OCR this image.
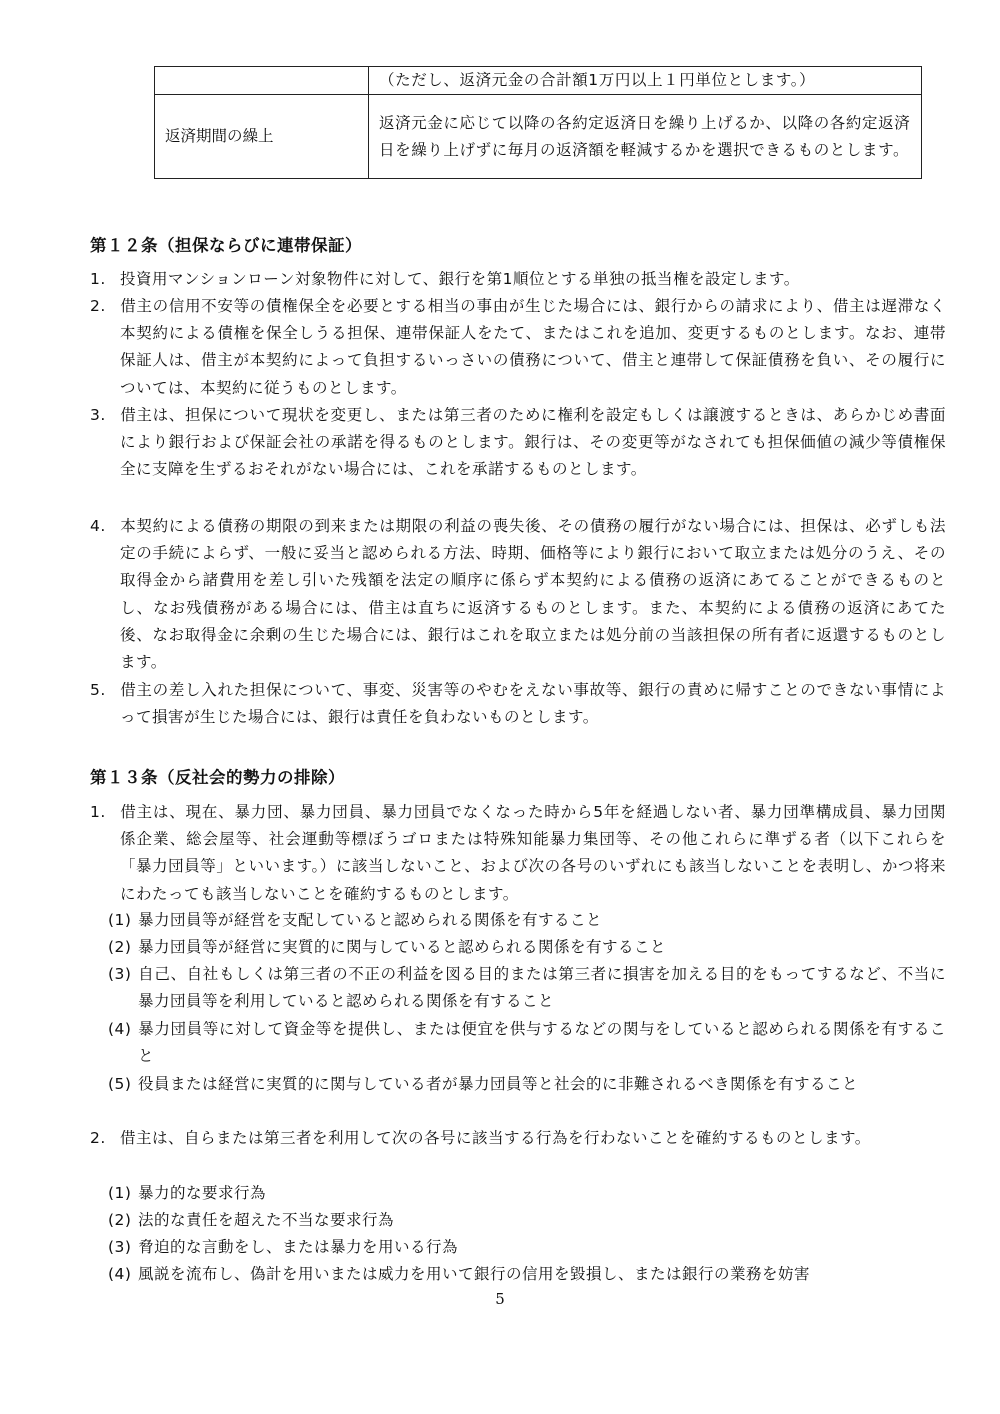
	（ただし、返済元金の合計額1万円以上１円単位とします。）
返済期間の繰上	返済元金に応じて以降の各約定返済日を繰り上げるか、以降の各約定返済日を繰り上げずに毎月の返済額を軽減するかを選択できるものとします。

第１２条（担保ならびに連帯保証）

1. 投資用マンションローン対象物件に対して、銀行を第1順位とする単独の抵当権を設定します。

2. 借主の信用不安等の債権保全を必要とする相当の事由が生じた場合には、銀行からの請求により、借主は遅滞なく本契約による債権を保全しうる担保、連帯保証人をたて、またはこれを追加、変更するものとします。なお、連帯保証人は、借主が本契約によって負担するいっさいの債務について、借主と連帯して保証債務を負い、その履行については、本契約に従うものとします。

3. 借主は、担保について現状を変更し、または第三者のために権利を設定もしくは譲渡するときは、あらかじめ書面により銀行および保証会社の承諾を得るものとします。銀行は、その変更等がなされても担保価値の減少等債権保全に支障を生ずるおそれがない場合には、これを承諾するものとします。

4. 本契約による債務の期限の到来または期限の利益の喪失後、その債務の履行がない場合には、担保は、必ずしも法定の手続によらず、一般に妥当と認められる方法、時期、価格等により銀行において取立または処分のうえ、その取得金から諸費用を差し引いた残額を法定の順序に係らず本契約による債務の返済にあてることができるものとし、なお残債務がある場合には、借主は直ちに返済するものとします。また、本契約による債務の返済にあてた後、なお取得金に余剰の生じた場合には、銀行はこれを取立または処分前の当該担保の所有者に返還するものとします。

5. 借主の差し入れた担保について、事変、災害等のやむをえない事故等、銀行の責めに帰すことのできない事情によって損害が生じた場合には、銀行は責任を負わないものとします。

第１３条（反社会的勢力の排除）

1. 借主は、現在、暴力団、暴力団員、暴力団員でなくなった時から5年を経過しない者、暴力団準構成員、暴力団関係企業、総会屋等、社会運動等標ぼうゴロまたは特殊知能暴力集団等、その他これらに準ずる者（以下これらを「暴力団員等」といいます。）に該当しないこと、および次の各号のいずれにも該当しないことを表明し、かつ将来にわたっても該当しないことを確約するものとします。

(1) 暴力団員等が経営を支配していると認められる関係を有すること

(2) 暴力団員等が経営に実質的に関与していると認められる関係を有すること

(3) 自己、自社もしくは第三者の不正の利益を図る目的または第三者に損害を加える目的をもってするなど、不当に暴力団員等を利用していると認められる関係を有すること

(4) 暴力団員等に対して資金等を提供し、または便宜を供与するなどの関与をしていると認められる関係を有すること

(5) 役員または経営に実質的に関与している者が暴力団員等と社会的に非難されるべき関係を有すること

2. 借主は、自らまたは第三者を利用して次の各号に該当する行為を行わないことを確約するものとします。

(1) 暴力的な要求行為

(2) 法的な責任を超えた不当な要求行為

(3) 脅迫的な言動をし、または暴力を用いる行為

(4) 風説を流布し、偽計を用いまたは威力を用いて銀行の信用を毀損し、または銀行の業務を妨害

5
